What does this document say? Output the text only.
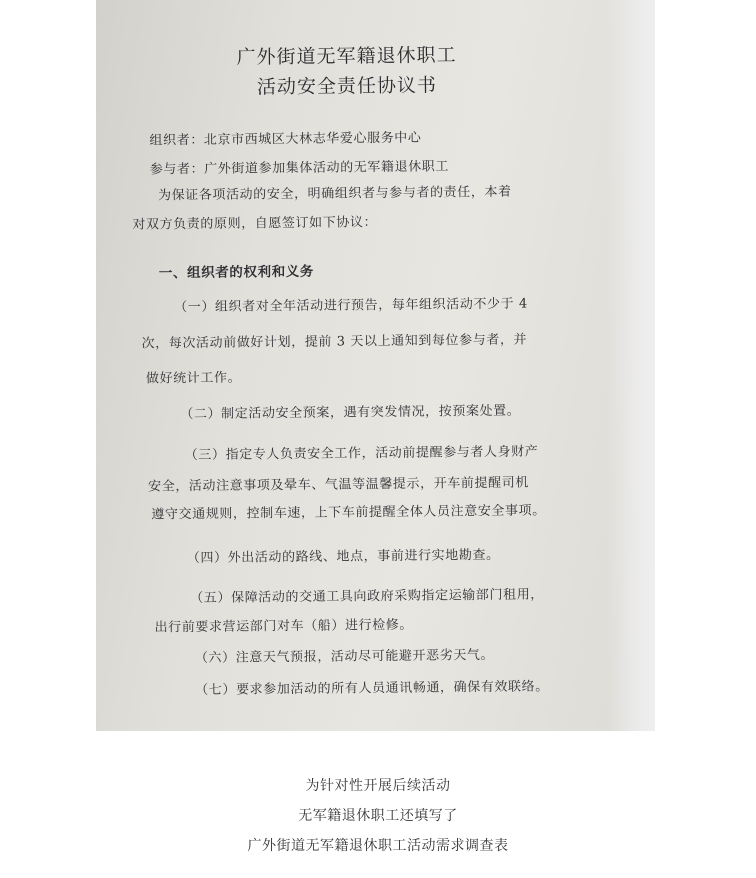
广外街道无军籍退休职工
活动安全责任协议书
组织者：北京市西城区大林志华爱心服务中心
参与者：广外街道参加集体活动的无军籍退休职工
为保证各项活动的安全，明确组织者与参与者的责任，本着
对双方负责的原则，自愿签订如下协议：
一、组织者的权利和义务
（一）组织者对全年活动进行预告，每年组织活动不少于 4
次，每次活动前做好计划，提前 3 天以上通知到每位参与者，并
做好统计工作。
（二）制定活动安全预案，遇有突发情况，按预案处置。
（三）指定专人负责安全工作，活动前提醒参与者人身财产
安全，活动注意事项及晕车、气温等温馨提示，开车前提醒司机
遵守交通规则，控制车速，上下车前提醒全体人员注意安全事项。
（四）外出活动的路线、地点，事前进行实地勘查。
（五）保障活动的交通工具向政府采购指定运输部门租用，
出行前要求营运部门对车（船）进行检修。
（六）注意天气预报，活动尽可能避开恶劣天气。
（七）要求参加活动的所有人员通讯畅通，确保有效联络。
为针对性开展后续活动
无军籍退休职工还填写了
广外街道无军籍退休职工活动需求调查表
